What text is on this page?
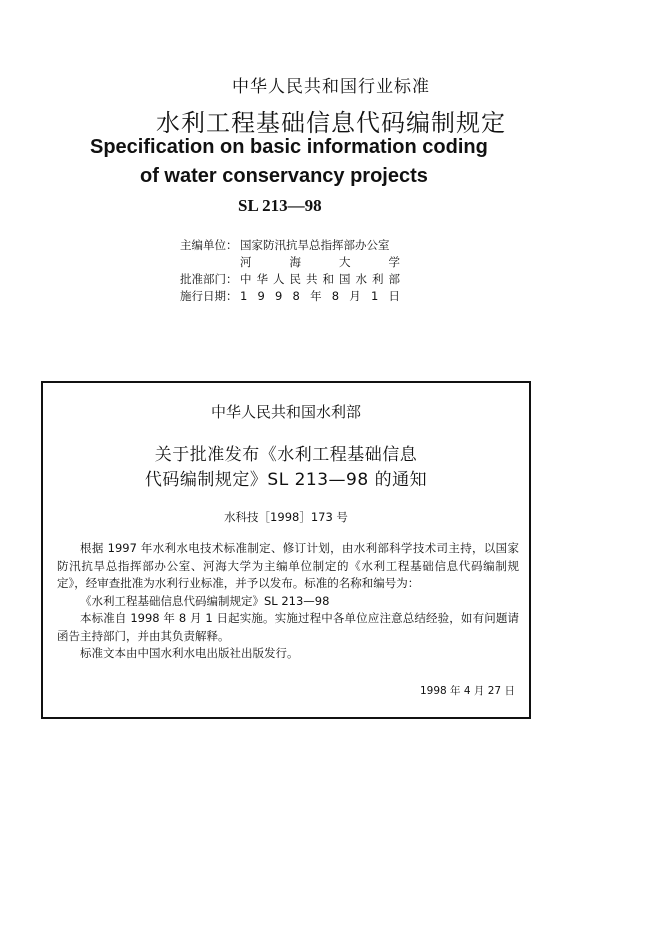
中华人民共和国行业标准
水利工程基础信息代码编制规定
Specification on basic information coding
of water conservancy projects
SL 213—98
主编单位： 国家防汛抗旱总指挥部办公室
河	海	大	学
批准部门： 中 华 人 民 共 和 国 水 利 部
施行日期： 1 9 9 8 年 8 月 1 日
中华人民共和国水利部
关于批准发布《水利工程基础信息
代码编制规定》SL 213—98 的通知
水科技［1998］173 号

根据 1997 年水利水电技术标准制定、修订计划，由水利部科学技术司主持，以国家防汛抗旱总指挥部办公室、河海大学为主编单位制定的《水利工程基础信息代码编制规定》，经审查批准为水利行业标准，并予以发布。标准的名称和编号为：

《水利工程基础信息代码编制规定》SL 213—98

本标准自 1998 年 8 月 1 日起实施。实施过程中各单位应注意总结经验，如有问题请函告主持部门，并由其负责解释。

标准文本由中国水利水电出版社出版发行。

1998 年 4 月 27 日
